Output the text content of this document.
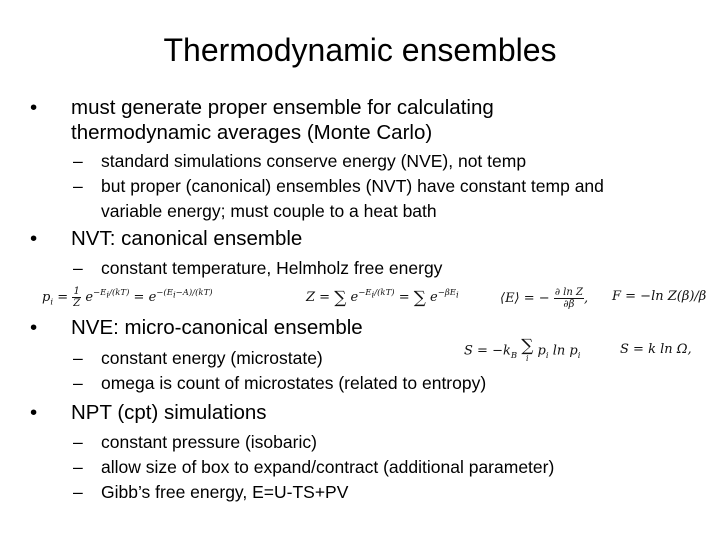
Thermodynamic ensembles
• must generate proper ensemble for calculating
thermodynamic averages (Monte Carlo)
– standard simulations conserve energy (NVE), not temp
– but proper (canonical) ensembles (NVT) have constant temp and
variable energy; must couple to a heat bath
• NVT: canonical ensemble
– constant temperature, Helmholz free energy
$p_i = \frac{1}{Z} e^{-E_i/(kT)} = e^{-(E_i-A)/(kT)}$	Z = ∑ $e^{-E_i/(kT)}$ = ∑ $e^{-\beta E_i}$	⟨E⟩ = − $\frac{\text{∂ ln Z}}{\partial\beta}$ , F = −ln Z(β)/β
• NVE: micro-canonical ensemble
$S = -k_B$
∑
i $p_i$ $\ln p_i$	S = k ln Ω,
– constant energy (microstate)
– omega is count of microstates (related to entropy)
• NPT (cpt) simulations
– constant pressure (isobaric)
– allow size of box to expand/contract (additional parameter)
– Gibb’s free energy, E=U-TS+PV
